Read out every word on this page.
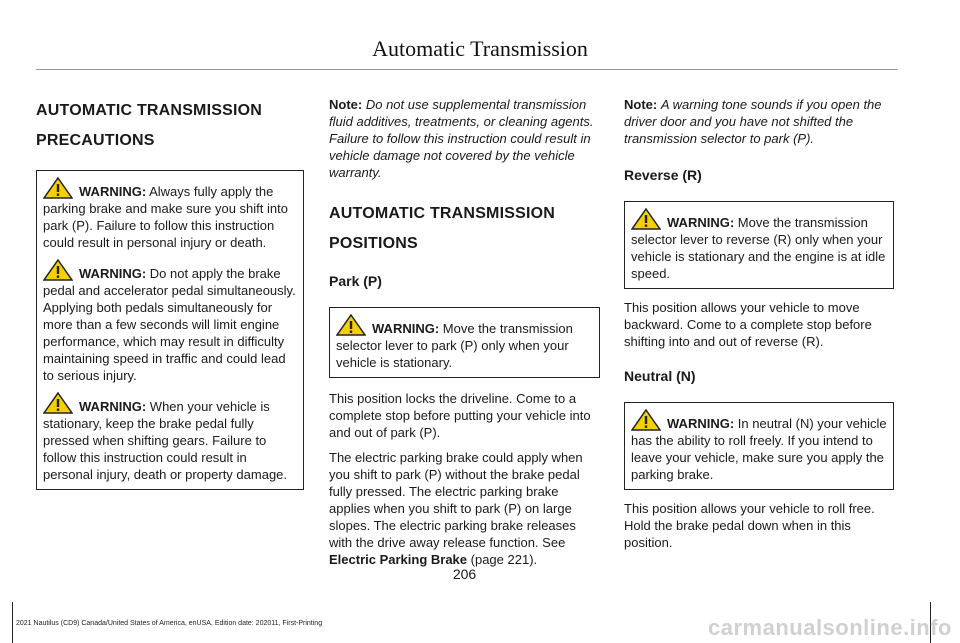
Automatic Transmission
AUTOMATIC TRANSMISSION
PRECAUTIONS

WARNING: Always fully apply the parking brake and make sure you shift into park (P). Failure to follow this instruction could result in personal injury or death.

WARNING: Do not apply the brake pedal and accelerator pedal simultaneously. Applying both pedals simultaneously for more than a few seconds will limit engine performance, which may result in difficulty maintaining speed in traffic and could lead to serious injury.

WARNING: When your vehicle is stationary, keep the brake pedal fully pressed when shifting gears. Failure to follow this instruction could result in personal injury, death or property damage.

Note: Do not use supplemental transmission fluid additives, treatments, or cleaning agents. Failure to follow this instruction could result in vehicle damage not covered by the vehicle warranty.

AUTOMATIC TRANSMISSION
POSITIONS
Park (P)

WARNING: Move the transmission selector lever to park (P) only when your vehicle is stationary.

This position locks the driveline. Come to a complete stop before putting your vehicle into and out of park (P).

The electric parking brake could apply when you shift to park (P) without the brake pedal fully pressed. The electric parking brake applies when you shift to park (P) on large slopes. The electric parking brake releases with the drive away release function. See Electric Parking Brake (page 221).

Note: A warning tone sounds if you open the driver door and you have not shifted the transmission selector to park (P).

Reverse (R)

WARNING: Move the transmission selector lever to reverse (R) only when your vehicle is stationary and the engine is at idle speed.

This position allows your vehicle to move backward. Come to a complete stop before shifting into and out of reverse (R).

Neutral (N)

WARNING: In neutral (N) your vehicle has the ability to roll freely. If you intend to leave your vehicle, make sure you apply the parking brake.

This position allows your vehicle to roll free. Hold the brake pedal down when in this position.

206
2021 Nautilus (CD9) Canada/United States of America, enUSA, Edition date: 202011, First-Printing	carmanualsonline.info
